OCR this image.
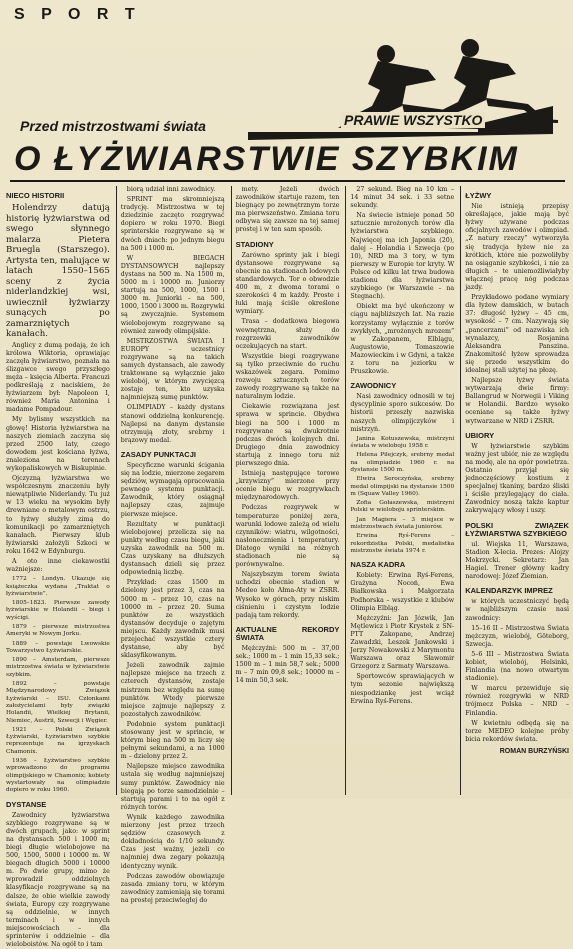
S P O R T
Przed mistrzostwami świata	PRAWIE WSZYSTKO
O ŁYŻWIARSTWIE SZYBKIM
NIECO HISTORII

Holendrzy datują historię łyżwiarstwa od swego słynnego malarza Pietera Bruegla (Starszego). Artysta ten, malujące w latach 1550–1565 sceny z życia niderlandzkiej wsi, uwiecznił łyżwiarzy sunących po zamarzniętych kanałach.

Anglicy z dumą podają, że ich królowa Wiktoria, oprawiając zaczęła łyżwiarstwo, poznała na ślizgawce swego przyszłego męża – księcia Alberta. Francuzi podkreślają z naciskiem, że łyżwiarzem był: Napoleon I, również Maria Antonina i madame Pompadour.

My bylismy wszystkich na głowę! Historia łyżwiarstwa na naszych ziemiach zaczyna się przed 2500 laty, czego dowodem jest kościana łyżwa, znaleziona na terenach wykopaliskowych w Biskupinie.

Ojczyzną łyżwiarstwa we współczesnym znaczeniu były niewątpliwie Niderlandy. Tu już w 13 wieku na wysokim były drewniane o metalowym ostrzu, to łyżwy służyły zimą do komunikacji po zamarzniętych kanałach. Pierwszy klub łyżwiarski założyli Szkoci w roku 1642 w Edynburgu.

A oto inne ciekawostki ważniejsze:

1772 – Londyn. Ukazuje się książeczka wydana „Traktat o łyżwiarstwie”.

1805–1823. Pierwsze zawody łyżwiarskie w Holandii – biegi i wyścigi.

1879 – pierwsze mistrzostwa Ameryki w Nowym Jorku.

1889 – powstaje Lwowskie Towarzystwo Łyżwiarskie.

1890 – Amsterdam, pierwsze mistrzostwa świata w łyżwiarstwie szybkim.

1892 – powstaje Międzynarodowy Związek Łyżwiarski – ISU. Członkami założycielami były związki Holandii, Wielkiej Brytanii, Niemiec, Austrii, Szwecji i Węgier.

1921 – Polski Związek Łyżwiarski, Łyżwiarstwo szybkie reprezentuje na igrzyskach Chamonix.

1936 – Łyżwiarstwo szybkie wprowadzono do programu olimpijskiego w Chamonix; kobiety wystartowały na olimpiadzie dopiero w roku 1960.

DYSTANSE

Zawodnicy łyżwiarstwa szybkiego rozgrywane są w dwóch grupach, jako: w sprint na dystansach 500 i 1000 m; biegi długie wielobojowe na 500, 1500, 5000 i 10000 m. W biegach długich 5000 i 10000 m. Po dwie grupy, mimo że wprowadził oddzielnych klasyfikacje rozgrywane są na dalsze, że obie wielkie zawody świata, Europy czy rozgrywane są oddzielnie, w innych terminach i w innych miejscowościach – dla sprinterów i oddzielnie – dla wieloboistów. Na ogół to i tam

biorą udział inni zawodnicy.

SPRINT ma skromniejszą tradycję. Mistrzostwa w tej dziedzinie zaczęto rozgrywać dopiero w roku 1970. Biegi sprinterskie rozgrywane są w dwóch dniach: po jednym biegu na 500 i 1000 m.

W BIEGACH DYSTANSOWYCH najlepszy dystans na 500 m. Na 1500 m, 5000 m i 10000 m. Juniorzy startują na 500, 1000, 1500 i 3000 m. Juniorki – na 500, 1000, 1500 i 3000 m. Rozgrywki są zwyczajnie. Systemem wielobojowym rozgrywane są również zawody olimpijskie.

MISTRZOSTWA ŚWIATA I EUROPY – uczestnicy rozgrywane są na takich samych dystansach, ale zawody traktowane są wyłącznie jako wielobój, w którym zwycięzcą zostaje ten, kto uzyska najmniejszą sumę punktów.

OLIMPIADY – każdy dystans stanowi oddzielną konkurencję. Najlepsi na danym dystansie otrzymują złoty, srebrny i brązowy medal.

ZASADY PUNKTACJI

Specyficzne warunki ścigania się na lodzie, mierzone zegarem sędziów, wymagają opracowania pewnego systemu punktacji. Zawodnik, który osiągnął najlepszy czas, zajmuje pierwsze miejsce.

Rezultaty w punktacji wielobojowej przelicza się na punkty według czasu biegu, jaki uzyska zawodnik na 500 m. Czas uzyskany na dłuższych dystansach dzieli się przez odpowiednią liczbę.

Przykład: czas 1500 m dzielony jest przez 3, czas na 5000 m – przez 10, czas na 10000 m – przez 20. Suma punktów ze wszystkich dystansów decyduje o zajętym miejscu. Każdy zawodnik musi przejechać wszystkie cztery dystanse, aby być sklasyfikowanym.

Jeżeli zawodnik zajmie najlepsze miejsce na trzech z czterech dystansów, zostaje mistrzem bez względu na sumę punktów. Wtedy pierwsze miejsce zajmuje najlepszy z pozostałych zawodników.

Podobnie system punktacji stosowany jest w sprincie, w którym bieg na 500 m liczy się pełnymi sekundami, a na 1000 m – dzielony przez 2.

Najlepsze miejsce zawodnika ustala się według najmniejszej sumy punktów. Zawodnicy nie biegają po torze samodzielnie – startują parami i to na ogół z różnych torów.

Wynik każdego zawodnika mierzony jest przez trzech sędziów czasowych z dokładnością do 1/10 sekundy. Czas jest ważny, jeżeli co najmniej dwa zegary pokazują identyczny wynik.

Podczas zawodów obowiązuje zasada zmiany toru, w którym zawodnicy zamieniają się torami na prostej przeciwległej do

mety. Jeżeli dwóch zawodników startuje razem, ten biegnący po zewnętrznym torze ma pierwszeństwo. Zmiana toru odbywa się zawsze na tej samej prostej i w ten sam sposób.

STADIONY

Zarówno sprinty jak i biegi dystansowe rozgrywane są obecnie na stadionach lodowych standardowych. Tor o obwodzie 400 m, z dwoma torami o szerokości 4 m każdy. Proste i łuki mają ściśle określone wymiary.

Trasa – dodatkowa biegowa wewnętrzna, służy do rozgrzewki zawodników oczekujących na start.

Wszystkie biegi rozgrywane są tylko przeciwnie do ruchu wskazówek zegara. Pomimo rozwoju sztucznych torów zawody rozgrywane są także na naturalnym lodzie.

Ciekawie rozwiązana jest sprawa w sprincie. Obydwa biegi na 500 i 1000 m rozgrywane są dwukrotnie podczas dwóch kolejnych dni. Drugiego dnia zawodnicy startują z innego toru niż pierwszego dnia.

Istnieją następujące torowe „krzywizny” mierzone przy ocenie biegu w rozgrywkach międzynarodowych.

Podczas rozgrywek w temperaturze poniżej zera, warunki lodowe zależą od wielu czynników: wiatru, wilgotności, nasłonecznienia i temperatury. Dlatego wyniki na różnych stadionach nie są porównywalne.

Najszybszym torem świata uchodzi obecnie stadion w Medeo koło Ałma-Aty w ZSRR. Wysoko w górach, przy niskim ciśnieniu i czystym lodzie padają tam rekordy.

AKTUALNE REKORDY ŚWIATA

Mężczyźni: 500 m – 37,00 sek.; 1000 m – 1 min 15,33 sek.; 1500 m – 1 min 58,7 sek.; 5000 m – 7 min 09,8 sek.; 10000 m – 14 min 50,3 sek.

27 sekund. Bieg na 10 km – 14 minut 34 sek. i 33 setne sekundy.

Na świecie istnieje ponad 50 sztucznie mrożonych torów dla łyżwiarstwa szybkiego. Najwięcej ma ich Japonia (20), dalej – Holandia i Szwecja (po 10), NRD ma 3 tory, w tym pierwszy w Europie tor kryty. W Polsce od kilku lat trwa budowa stadionu dla łyżwiarstwa szybkiego (w Warszawie – na Stegnach).

Obiekt ma być ukończony w ciągu najbliższych lat. Na razie korzystamy wyłącznie z torów zwykłych, „mrożonych mrozem” w Zakopanem, Elblągu, Augustowie, Tomaszowie Mazowieckim i w Gdyni, a także z toru na jeziorku w Pruszkowie.

ZAWODNICY

Nasi zawodnicy odnosili w tej dyscyplinie sporo sukcesów. Do historii przeszły nazwiska naszych olimpijczyków i mistrzyń.

Janina Kotuszewska, mistrzyni świata w wieloboju 1958 r.

Helena Pilejczyk, srebrny medal na olimpiadzie 1960 r. na dystansie 1500 m.

Elwira Seroczyńska, srebrny medal olimpijski na dystansie 1500 m (Squaw Valley 1960).

Zofia Gołaszewska, mistrzyni Polski w wieloboju sprinterskim.

Jan Magiera – 3 miejsce w mistrzostwach świata juniorów.

Erwina Ryś-Ferens – rekordzistka Polski, medalistka mistrzostw świata 1974 r.

NASZA KADRA

Kobiety: Erwina Ryś-Ferens, Grażyna Nocoń, Ewa Białkowska i Małgorzata Podhorska – wszystkie z klubów Olimpia Elbląg.

Mężczyźni: Jan Józwik, Jan Mętlewicz i Piotr Krystek z SN-PTT Zakopane, Andrzej Zawadzki, Leszek Jankowski i Jerzy Nowakowski z Marymontu Warszawa oraz Sławomir Grzegorz z Sarmaty Warszawa.

Sportowców sprawiających w tym sezonie największą niespodziankę jest wciąż Erwina Ryś-Ferens.

ŁYŻWY

Nie istnieją przepisy określające, jakie mają być łyżwy używane podczas oficjalnych zawodów i olimpiad. „Z natury rzeczy” wytworzyła się tradycja łyżew nie za krótkich, które nie pozwoliłyby na osiąganie szybkości, i nie za długich – te uniemożliwiałyby włącznej pracę nóg podczas jazdy.

Przykładowo podane wymiary dla łyżew damskich, w butach 37: długość łyżwy – 45 cm, wysokość – 7 cm. Nazywają się „pancerzami” od nazwiska ich wynalazcy, Rosjanina Aleksandra Panszina. Znakomitość łyżew sprowadza się przede wszystkim do idealnej stali użytej na płozę.

Najlepsze łyżwy świata wytwarzają dwie firmy: Ballangrud w Norwegii i Viking w Holandii. Bardzo wysoko oceniane są także łyżwy wytwarzane w NRD i ZSRR.

UBIORY

W łyżwiarstwie szybkim ważny jest ubiór, nie ze względu na modę, ale na opór powietrza. Ostatnio przyjął się jednoczęściowy kostium z specjalnej tkaniny, bardzo śliski i ściśle przylegający do ciała. Zawodnicy noszą także kaptur zakrywający włosy i uszy.

POLSKI ZWIĄZEK ŁYŻWIARSTWA SZYBKIEGO

ul. Wiejska 11, Warszawa, Stadion X-lecia. Prezes: Alojzy Mokrzycki. Sekretarz: Jan Hagiel. Trener główny kadry narodowej: Józef Ziemian.

KALENDARZYK IMPREZ

w których uczestniczyć będą w najbliższym czasie nasi zawodnicy:

15–16 II – Mistrzostwa Świata mężczyzn, wielobój, Göteborg, Szwecja.

5–6 III – Mistrzostwa Świata kobiet, wielobój, Helsinki, Finlandia (na nowo otwartym stadionie).

W marcu przewiduje się również rozgrywki w NRD trójmecz Polska – NRD – Finlandia.

W kwietniu odbędą się na torze MEDEO kolejne próby bicia rekordów świata.

ROMAN BURZYŃSKI
